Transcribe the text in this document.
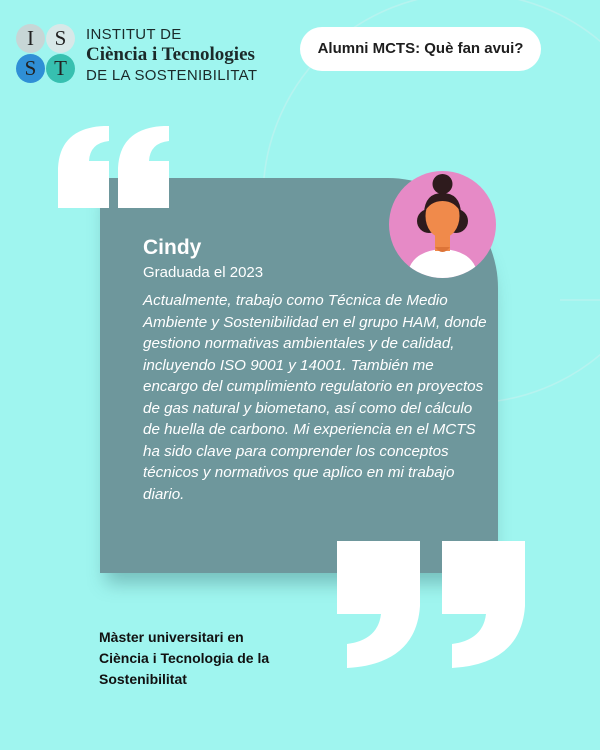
I S
S T
INSTITUT DE
Ciència i Tecnologies
DE LA SOSTENIBILITAT
Alumni MCTS: Què fan avui?
Cindy
Graduada el 2023
Actualmente, trabajo como Técnica de Medio Ambiente y Sostenibilidad en el grupo HAM, donde gestiono normativas ambientales y de calidad, incluyendo ISO 9001 y 14001. También me encargo del cumplimiento regulatorio en proyectos de gas natural y biometano, así como del cálculo de huella de carbono. Mi experiencia en el MCTS ha sido clave para comprender los conceptos técnicos y normativos que aplico en mi trabajo diario.
Màster universitari en
Ciència i Tecnologia de la
Sostenibilitat
